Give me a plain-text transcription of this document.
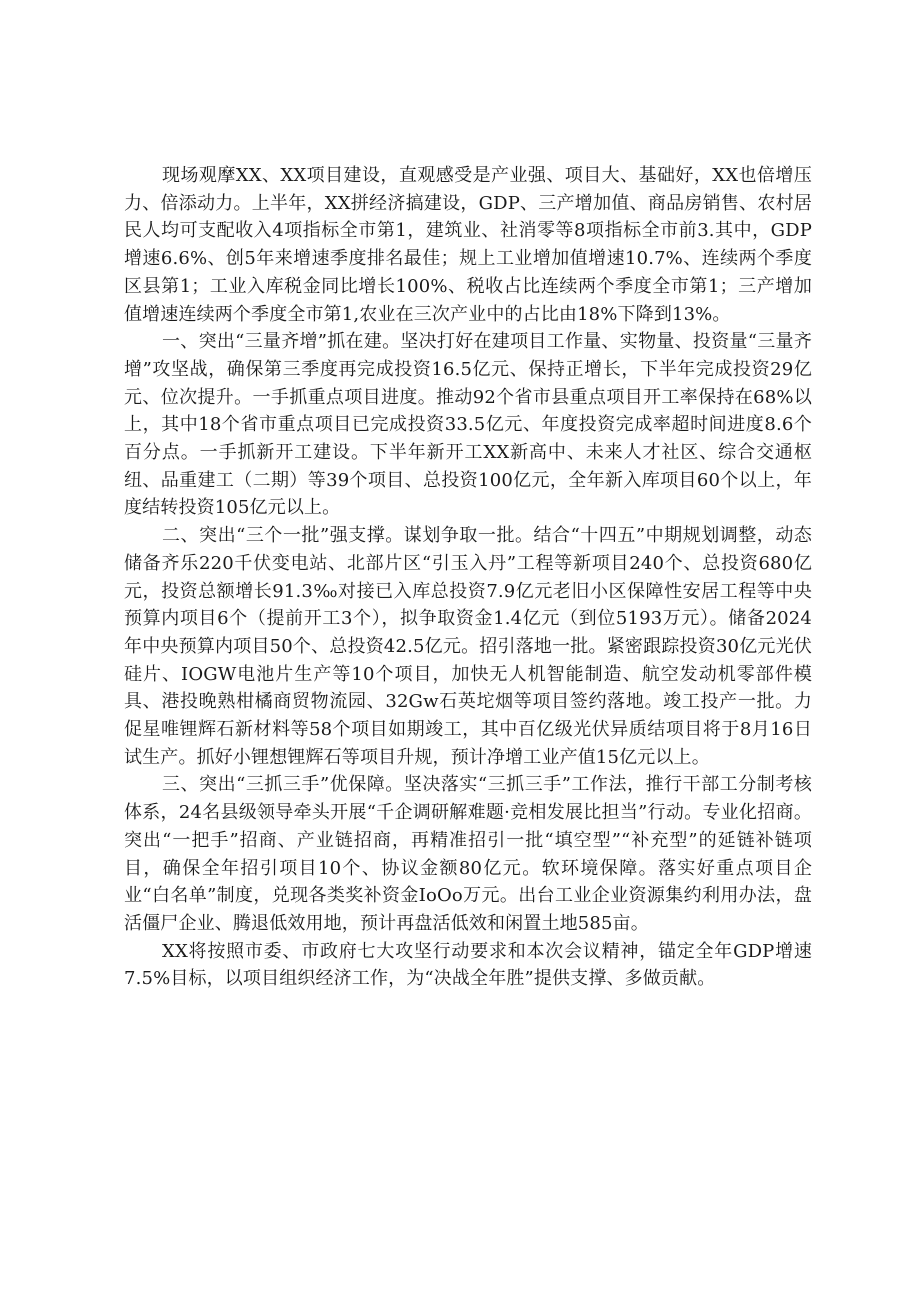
现场观摩XX、XX项目建设，直观感受是产业强、项目大、基础好，XX也倍增压力、倍添动力。上半年，XX拼经济搞建设，GDP、三产增加值、商品房销售、农村居民人均可支配收入4项指标全市第1，建筑业、社消零等8项指标全市前3.其中，GDP增速6.6%、创5年来增速季度排名最佳；规上工业增加值增速10.7%、连续两个季度区县第1；工业入库税金同比增长100%、税收占比连续两个季度全市第1；三产增加值增速连续两个季度全市第1,农业在三次产业中的占比由18%下降到13%。

一、突出“三量齐增”抓在建。坚决打好在建项目工作量、实物量、投资量“三量齐增”攻坚战，确保第三季度再完成投资16.5亿元、保持正增长，下半年完成投资29亿元、位次提升。一手抓重点项目进度。推动92个省市县重点项目开工率保持在68%以上，其中18个省市重点项目已完成投资33.5亿元、年度投资完成率超时间进度8.6个百分点。一手抓新开工建设。下半年新开工XX新高中、未来人才社区、综合交通枢纽、品重建工（二期）等39个项目、总投资100亿元，全年新入库项目60个以上，年度结转投资105亿元以上。

二、突出“三个一批”强支撑。谋划争取一批。结合“十四五”中期规划调整，动态储备齐乐220千伏变电站、北部片区“引玉入丹”工程等新项目240个、总投资680亿元，投资总额增长91.3‰对接已入库总投资7.9亿元老旧小区保障性安居工程等中央预算内项目6个（提前开工3个），拟争取资金1.4亿元（到位5193万元）。储备2024年中央预算内项目50个、总投资42.5亿元。招引落地一批。紧密跟踪投资30亿元光伏硅片、IOGW电池片生产等10个项目，加快无人机智能制造、航空发动机零部件模具、港投晚熟柑橘商贸物流园、32Gw石英坨烟等项目签约落地。竣工投产一批。力促星唯锂辉石新材料等58个项目如期竣工，其中百亿级光伏异质结项目将于8月16日试生产。抓好小锂想锂辉石等项目升规，预计净增工业产值15亿元以上。

三、突出“三抓三手”优保障。坚决落实“三抓三手”工作法，推行干部工分制考核体系，24名县级领导牵头开展“千企调研解难题·竞相发展比担当”行动。专业化招商。突出“一把手”招商、产业链招商，再精准招引一批“填空型”“补充型”的延链补链项目，确保全年招引项目10个、协议金额80亿元。软环境保障。落实好重点项目企业“白名单”制度，兑现各类奖补资金IoOo万元。出台工业企业资源集约利用办法，盘活僵尸企业、腾退低效用地，预计再盘活低效和闲置土地585亩。

XX将按照市委、市政府七大攻坚行动要求和本次会议精神，锚定全年GDP增速7.5%目标，以项目组织经济工作，为“决战全年胜”提供支撑、多做贡献。
